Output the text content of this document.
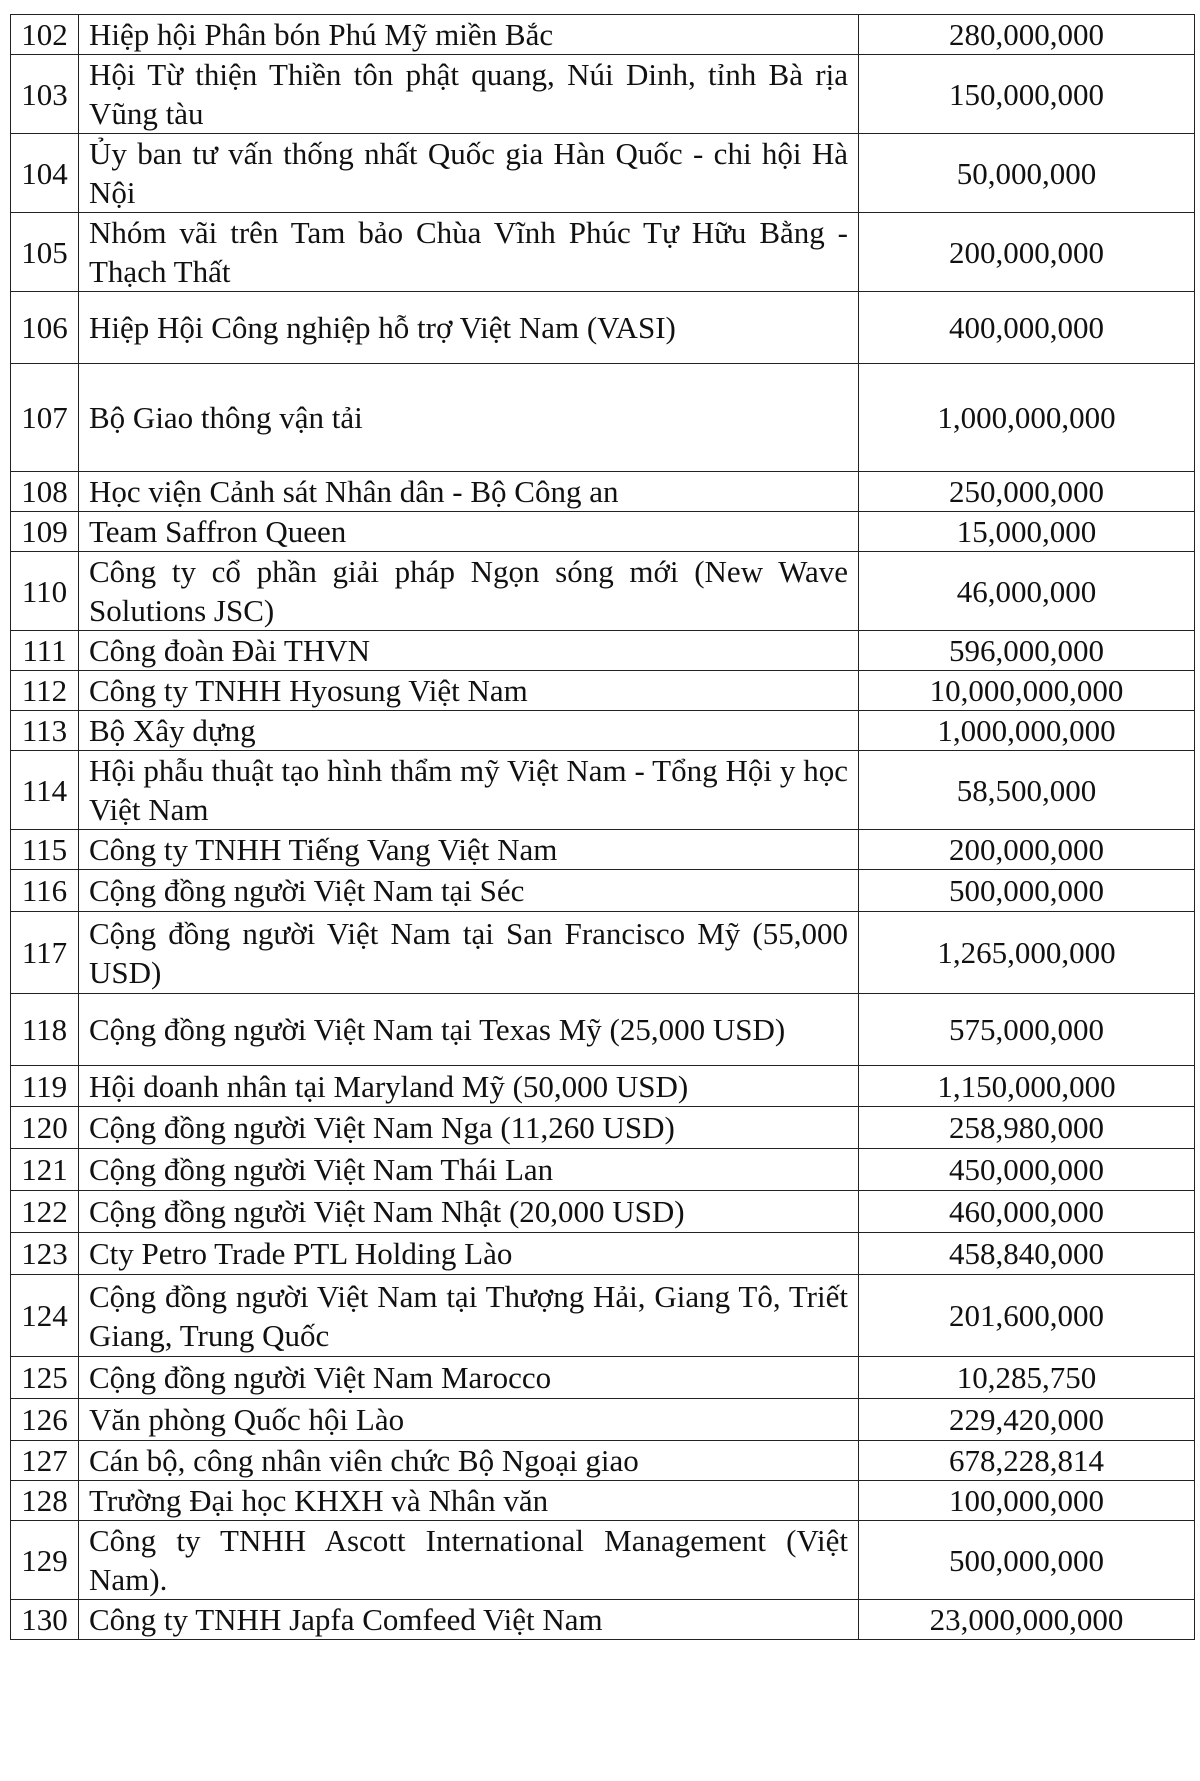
102	Hiệp hội Phân bón Phú Mỹ miền Bắc	280,000,000
103	Hội Từ thiện Thiền tôn phật quang, Núi Dinh, tỉnh Bà rịa Vũng tàu	150,000,000
104	Ủy ban tư vấn thống nhất Quốc gia Hàn Quốc - chi hội Hà Nội	50,000,000
105	Nhóm vãi trên Tam bảo Chùa Vĩnh Phúc Tự Hữu Bằng - Thạch Thất	200,000,000
106	Hiệp Hội Công nghiệp hỗ trợ Việt Nam (VASI)	400,000,000
107	Bộ Giao thông vận tải	1,000,000,000
108	Học viện Cảnh sát Nhân dân - Bộ Công an	250,000,000
109	Team Saffron Queen	15,000,000
110	Công ty cổ phần giải pháp Ngọn sóng mới (New Wave Solutions JSC)	46,000,000
111	Công đoàn Đài THVN	596,000,000
112	Công ty TNHH Hyosung Việt Nam	10,000,000,000
113	Bộ Xây dựng	1,000,000,000
114	Hội phẫu thuật tạo hình thẩm mỹ Việt Nam - Tổng Hội y học Việt Nam	58,500,000
115	Công ty TNHH Tiếng Vang Việt Nam	200,000,000
116	Cộng đồng người Việt Nam tại Séc	500,000,000
117	Cộng đồng người Việt Nam tại San Francisco Mỹ (55,000 USD)	1,265,000,000
118	Cộng đồng người Việt Nam tại Texas Mỹ (25,000 USD)	575,000,000
119	Hội doanh nhân tại Maryland Mỹ (50,000 USD)	1,150,000,000
120	Cộng đồng người Việt Nam Nga (11,260 USD)	258,980,000
121	Cộng đồng người Việt Nam Thái Lan	450,000,000
122	Cộng đồng người Việt Nam Nhật (20,000 USD)	460,000,000
123	Cty Petro Trade PTL Holding Lào	458,840,000
124	Cộng đồng người Việt Nam tại Thượng Hải, Giang Tô, Triết Giang, Trung Quốc	201,600,000
125	Cộng đồng người Việt Nam Marocco	10,285,750
126	Văn phòng Quốc hội Lào	229,420,000
127	Cán bộ, công nhân viên chức Bộ Ngoại giao	678,228,814
128	Trường Đại học KHXH và Nhân văn	100,000,000
129	Công ty TNHH Ascott International Management (Việt Nam).	500,000,000
130	Công ty TNHH Japfa Comfeed Việt Nam	23,000,000,000
